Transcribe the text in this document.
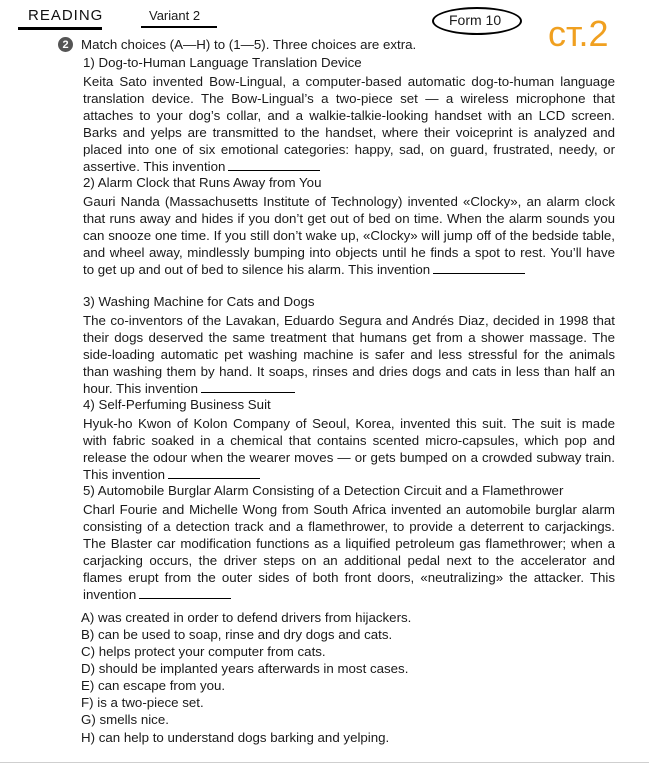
READING	Variant 2	Form 10 ст.2
2 Match choices (A—H) to (1—5). Three choices are extra.
1) Dog-to-Human Language Translation Device

Keita Sato invented Bow-Lingual, a computer-based automatic dog-to-human language translation device. The Bow-Lingual’s a two-piece set — a wireless microphone that attaches to your dog’s collar, and a walkie-talkie-looking handset with an LCD screen. Barks and yelps are transmitted to the handset, where their voiceprint is analyzed and placed into one of six emotional categories: happy, sad, on guard, frustrated, needy, or assertive. This invention

2) Alarm Clock that Runs Away from You

Gauri Nanda (Massachusetts Institute of Technology) invented «Clocky», an alarm clock that runs away and hides if you don’t get out of bed on time. When the alarm sounds you can snooze one time. If you still don’t wake up, «Clocky» will jump off of the bedside table, and wheel away, mindlessly bumping into objects until he finds a spot to rest. You’ll have to get up and out of bed to silence his alarm. This invention

3) Washing Machine for Cats and Dogs

The co-inventors of the Lavakan, Eduardo Segura and Andrés Diaz, decided in 1998 that their dogs deserved the same treatment that humans get from a shower massage. The side-loading automatic pet washing machine is safer and less stressful for the animals than washing them by hand. It soaps, rinses and dries dogs and cats in less than half an hour. This invention

4) Self-Perfuming Business Suit

Hyuk-ho Kwon of Kolon Company of Seoul, Korea, invented this suit. The suit is made with fabric soaked in a chemical that contains scented micro-capsules, which pop and release the odour when the wearer moves — or gets bumped on a crowded subway train. This invention

5) Automobile Burglar Alarm Consisting of a Detection Circuit and a Flamethrower

Charl Fourie and Michelle Wong from South Africa invented an automobile burglar alarm consisting of a detection track and a flamethrower, to provide a deterrent to carjackings. The Blaster car modification functions as a liquified petroleum gas flamethrower; when a carjacking occurs, the driver steps on an additional pedal next to the accelerator and flames erupt from the outer sides of both front doors, «neutralizing» the attacker. This invention

A) was created in order to defend drivers from hijackers.
B) can be used to soap, rinse and dry dogs and cats.
C) helps protect your computer from cats.
D) should be implanted years afterwards in most cases.
E) can escape from you.
F) is a two-piece set.
G) smells nice.
H) can help to understand dogs barking and yelping.
